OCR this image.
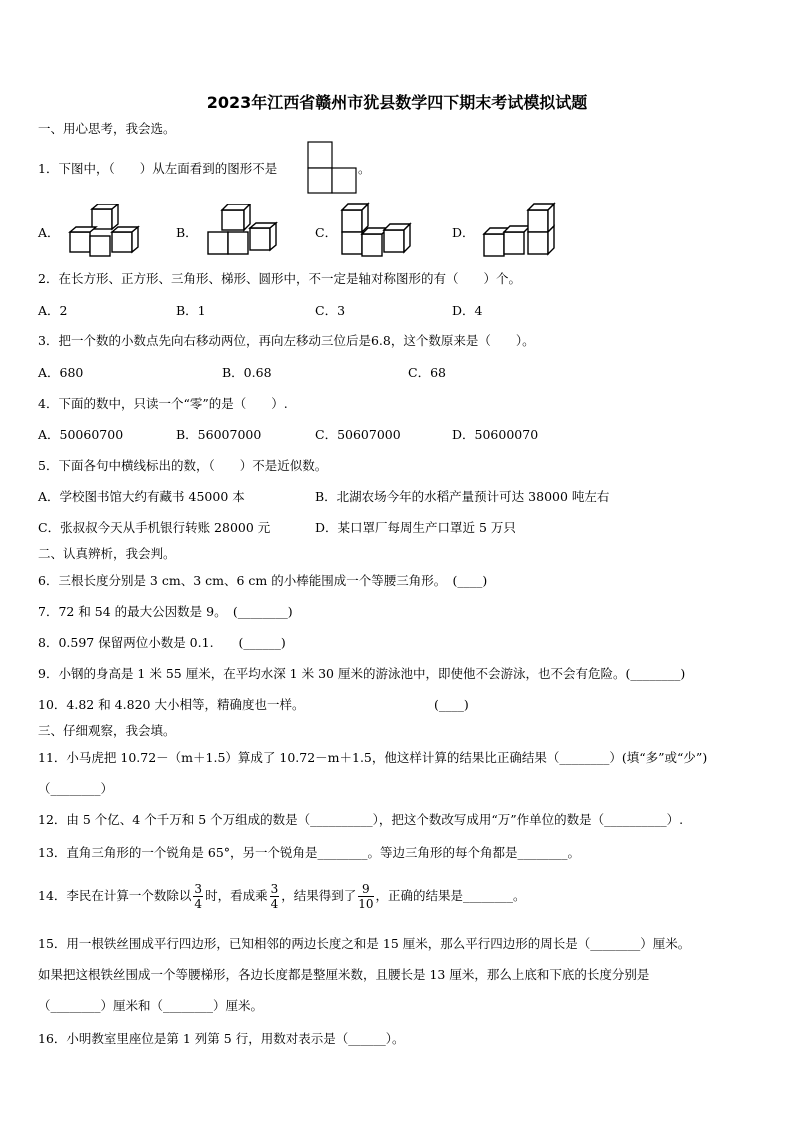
2023年江西省赣州市犹县数学四下期末考试模拟试题
一、用心思考，我会选。
1．下图中，（　　）从左面看到的图形不是	。
A．	B．	C．	D．
2．在长方形、正方形、三角形、梯形、圆形中，不一定是轴对称图形的有（　　）个。
A．2	B．1	C．3	D．4
3．把一个数的小数点先向右移动两位，再向左移动三位后是6.8，这个数原来是（　　）。
A．680	B．0.68	C．68
4．下面的数中，只读一个“零”的是（　　）.
A．50060700	B．56007000	C．50607000	D．50600070
5．下面各句中横线标出的数，（　　）不是近似数。
A．学校图书馆大约有藏书 45000 本	B．北湖农场今年的水稻产量预计可达 38000 吨左右
C．张叔叔今天从手机银行转账 28000 元	D．某口罩厂每周生产口罩近 5 万只
二、认真辨析，我会判。
6．三根长度分别是 3 cm、3 cm、6 cm 的小棒能围成一个等腰三角形。　(____)
7．72 和 54 的最大公因数是 9。　(________)
8．0.597 保留两位小数是 0.1.　　(______)
9．小钢的身高是 1 米 55 厘米，在平均水深 1 米 30 厘米的游泳池中，即使他不会游泳，也不会有危险。(________)
10．4.82 和 4.820 大小相等，精确度也一样。	(____)
三、仔细观察，我会填。
11．小马虎把 10.72－（m＋1.5）算成了 10.72－m＋1.5，他这样计算的结果比正确结果（________）(填“多”或“少”)
（________）
12．由 5 个亿、4 个千万和 5 个万组成的数是（__________），把这个数改写成用“万”作单位的数是（__________）.
13．直角三角形的一个锐角是 65°，另一个锐角是________。等边三角形的每个角都是________。
14．李民在计算一个数除以 $\frac{3}{4}$ 时，看成乘 $\frac{3}{4}$ ，结果得到了 $\frac{9}{10}$ ，正确的结果是________。
15．用一根铁丝围成平行四边形，已知相邻的两边长度之和是 15 厘米，那么平行四边形的周长是（________）厘米。
如果把这根铁丝围成一个等腰梯形，各边长度都是整厘米数，且腰长是 13 厘米，那么上底和下底的长度分别是
（________）厘米和（________）厘米。
16．小明教室里座位是第 1 列第 5 行，用数对表示是（______）。
